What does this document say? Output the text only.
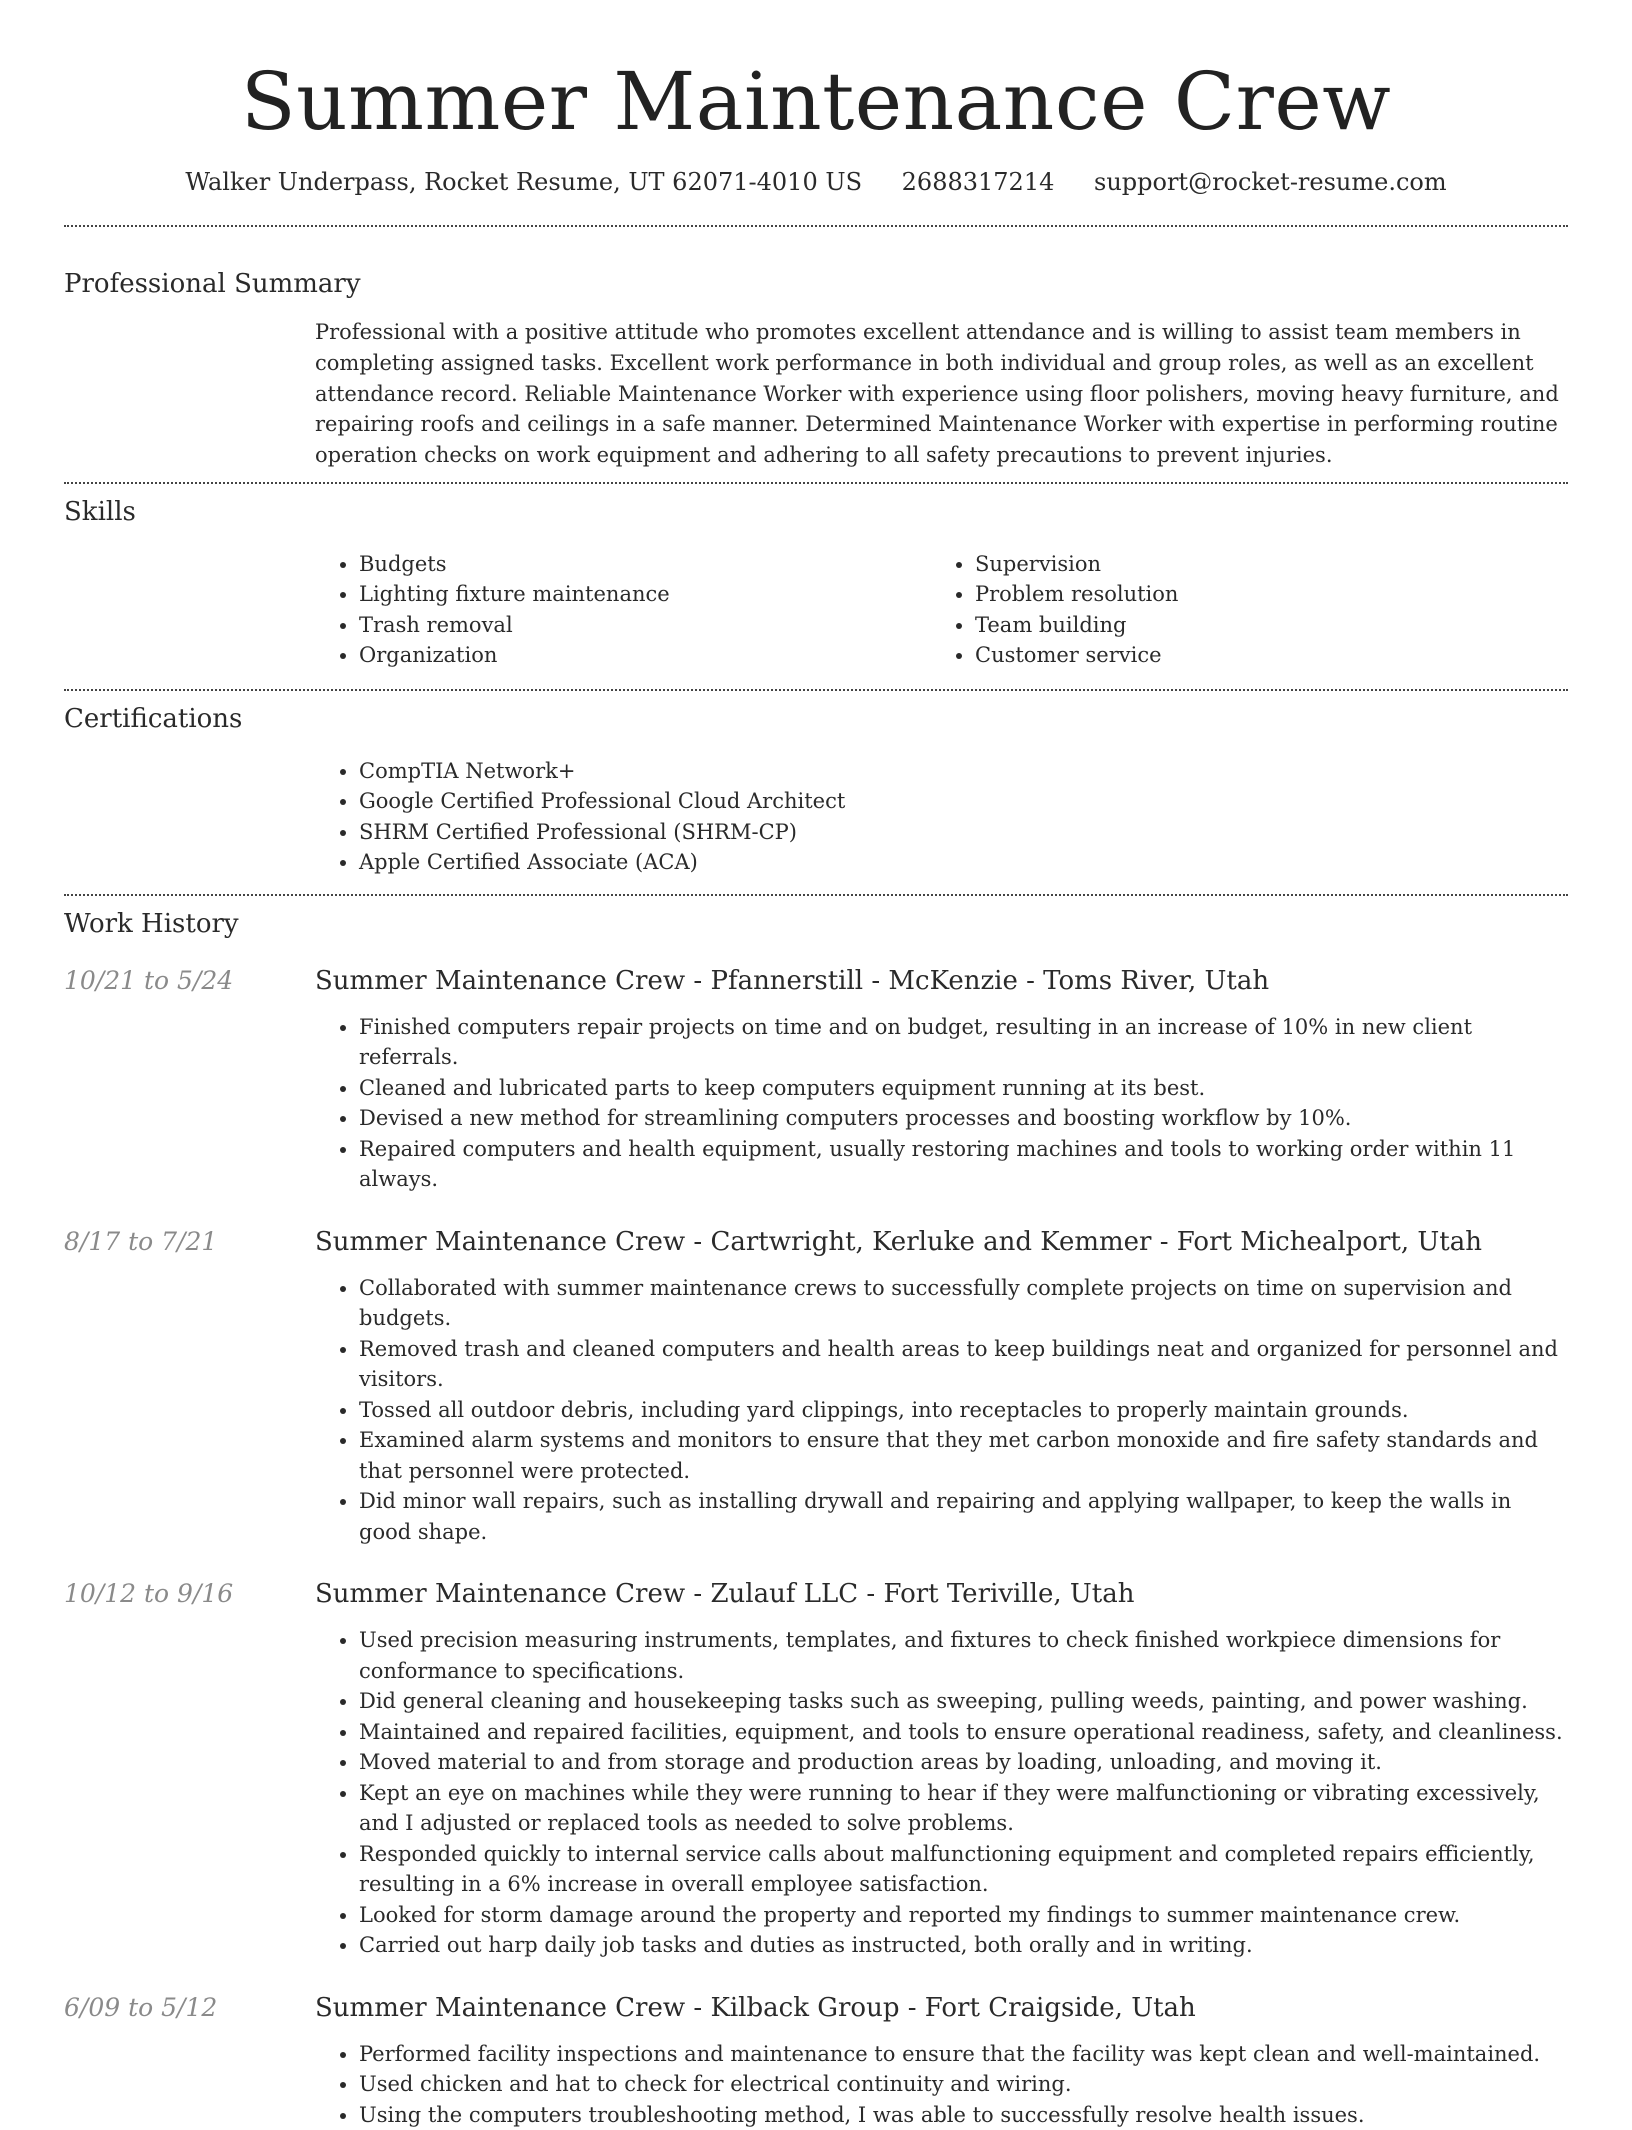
Summer Maintenance Crew
Walker Underpass, Rocket Resume, UT 62071-4010 US 2688317214 support@rocket-resume.com
Professional Summary

Professional with a positive attitude who promotes excellent attendance and is willing to assist team members in completing assigned tasks. Excellent work performance in both individual and group roles, as well as an excellent attendance record. Reliable Maintenance Worker with experience using floor polishers, moving heavy furniture, and repairing roofs and ceilings in a safe manner. Determined Maintenance Worker with expertise in performing routine operation checks on work equipment and adhering to all safety precautions to prevent injuries.

Skills
• Budgets
• Lighting fixture maintenance
• Trash removal
• Organization
• Supervision
• Problem resolution
• Team building
• Customer service
Certifications
• CompTIA Network+
• Google Certified Professional Cloud Architect
• SHRM Certified Professional (SHRM-CP)
• Apple Certified Associate (ACA)
Work History
10/21 to 5/24	Summer Maintenance Crew - Pfannerstill - McKenzie - Toms River, Utah
• Finished computers repair projects on time and on budget, resulting in an increase of 10% in new client referrals.
• Cleaned and lubricated parts to keep computers equipment running at its best.
• Devised a new method for streamlining computers processes and boosting workflow by 10%.
• Repaired computers and health equipment, usually restoring machines and tools to working order within 11 always.
8/17 to 7/21	Summer Maintenance Crew - Cartwright, Kerluke and Kemmer - Fort Michealport, Utah
• Collaborated with summer maintenance crews to successfully complete projects on time on supervision and budgets.
• Removed trash and cleaned computers and health areas to keep buildings neat and organized for personnel and visitors.
• Tossed all outdoor debris, including yard clippings, into receptacles to properly maintain grounds.
• Examined alarm systems and monitors to ensure that they met carbon monoxide and fire safety standards and that personnel were protected.
• Did minor wall repairs, such as installing drywall and repairing and applying wallpaper, to keep the walls in good shape.
10/12 to 9/16	Summer Maintenance Crew - Zulauf LLC - Fort Teriville, Utah
• Used precision measuring instruments, templates, and fixtures to check finished workpiece dimensions for conformance to specifications.
• Did general cleaning and housekeeping tasks such as sweeping, pulling weeds, painting, and power washing.
• Maintained and repaired facilities, equipment, and tools to ensure operational readiness, safety, and cleanliness.
• Moved material to and from storage and production areas by loading, unloading, and moving it.
• Kept an eye on machines while they were running to hear if they were malfunctioning or vibrating excessively, and I adjusted or replaced tools as needed to solve problems.
• Responded quickly to internal service calls about malfunctioning equipment and completed repairs efficiently, resulting in a 6% increase in overall employee satisfaction.
• Looked for storm damage around the property and reported my findings to summer maintenance crew.
• Carried out harp daily job tasks and duties as instructed, both orally and in writing.
6/09 to 5/12	Summer Maintenance Crew - Kilback Group - Fort Craigside, Utah
• Performed facility inspections and maintenance to ensure that the facility was kept clean and well-maintained.
• Used chicken and hat to check for electrical continuity and wiring.
• Using the computers troubleshooting method, I was able to successfully resolve health issues.
